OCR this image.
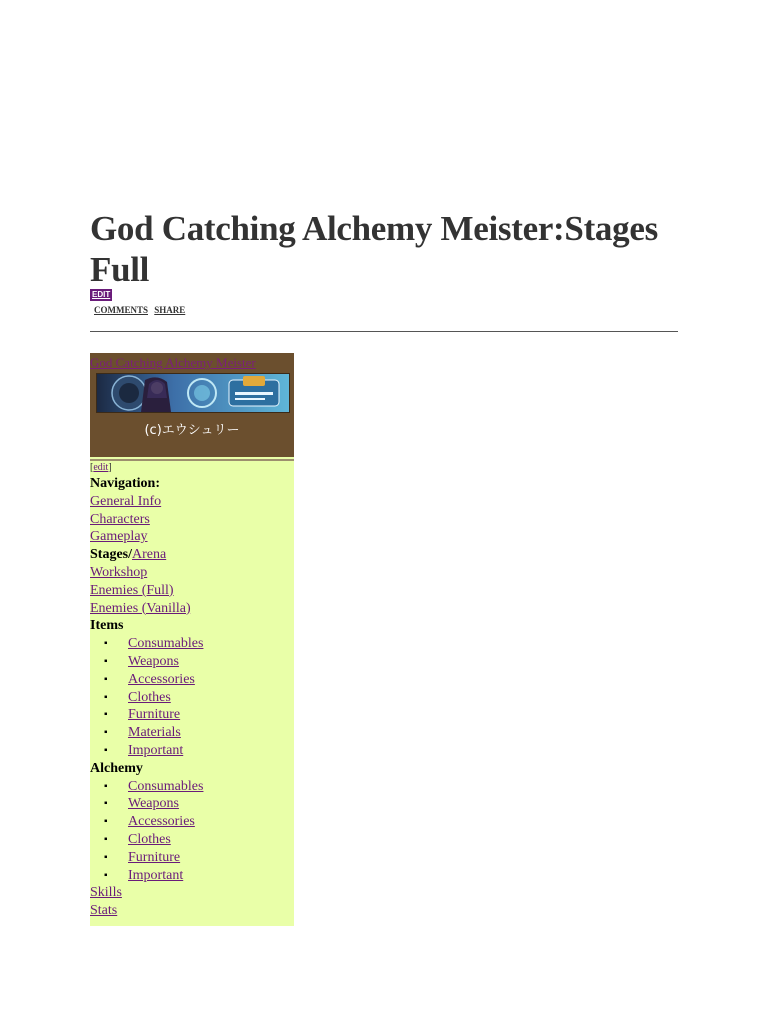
God Catching Alchemy Meister:Stages Full
EDIT
COMMENTS SHARE
God Catching Alchemy Meister
(c)エウシュリー
[edit]
Navigation:
General Info
Characters
Gameplay
Stages/Arena
Workshop
Enemies (Full)
Enemies (Vanilla)
Items
▪ Consumables
▪ Weapons
▪ Accessories
▪ Clothes
▪ Furniture
▪ Materials
▪ Important
Alchemy
▪ Consumables
▪ Weapons
▪ Accessories
▪ Clothes
▪ Furniture
▪ Important
Skills
Stats
